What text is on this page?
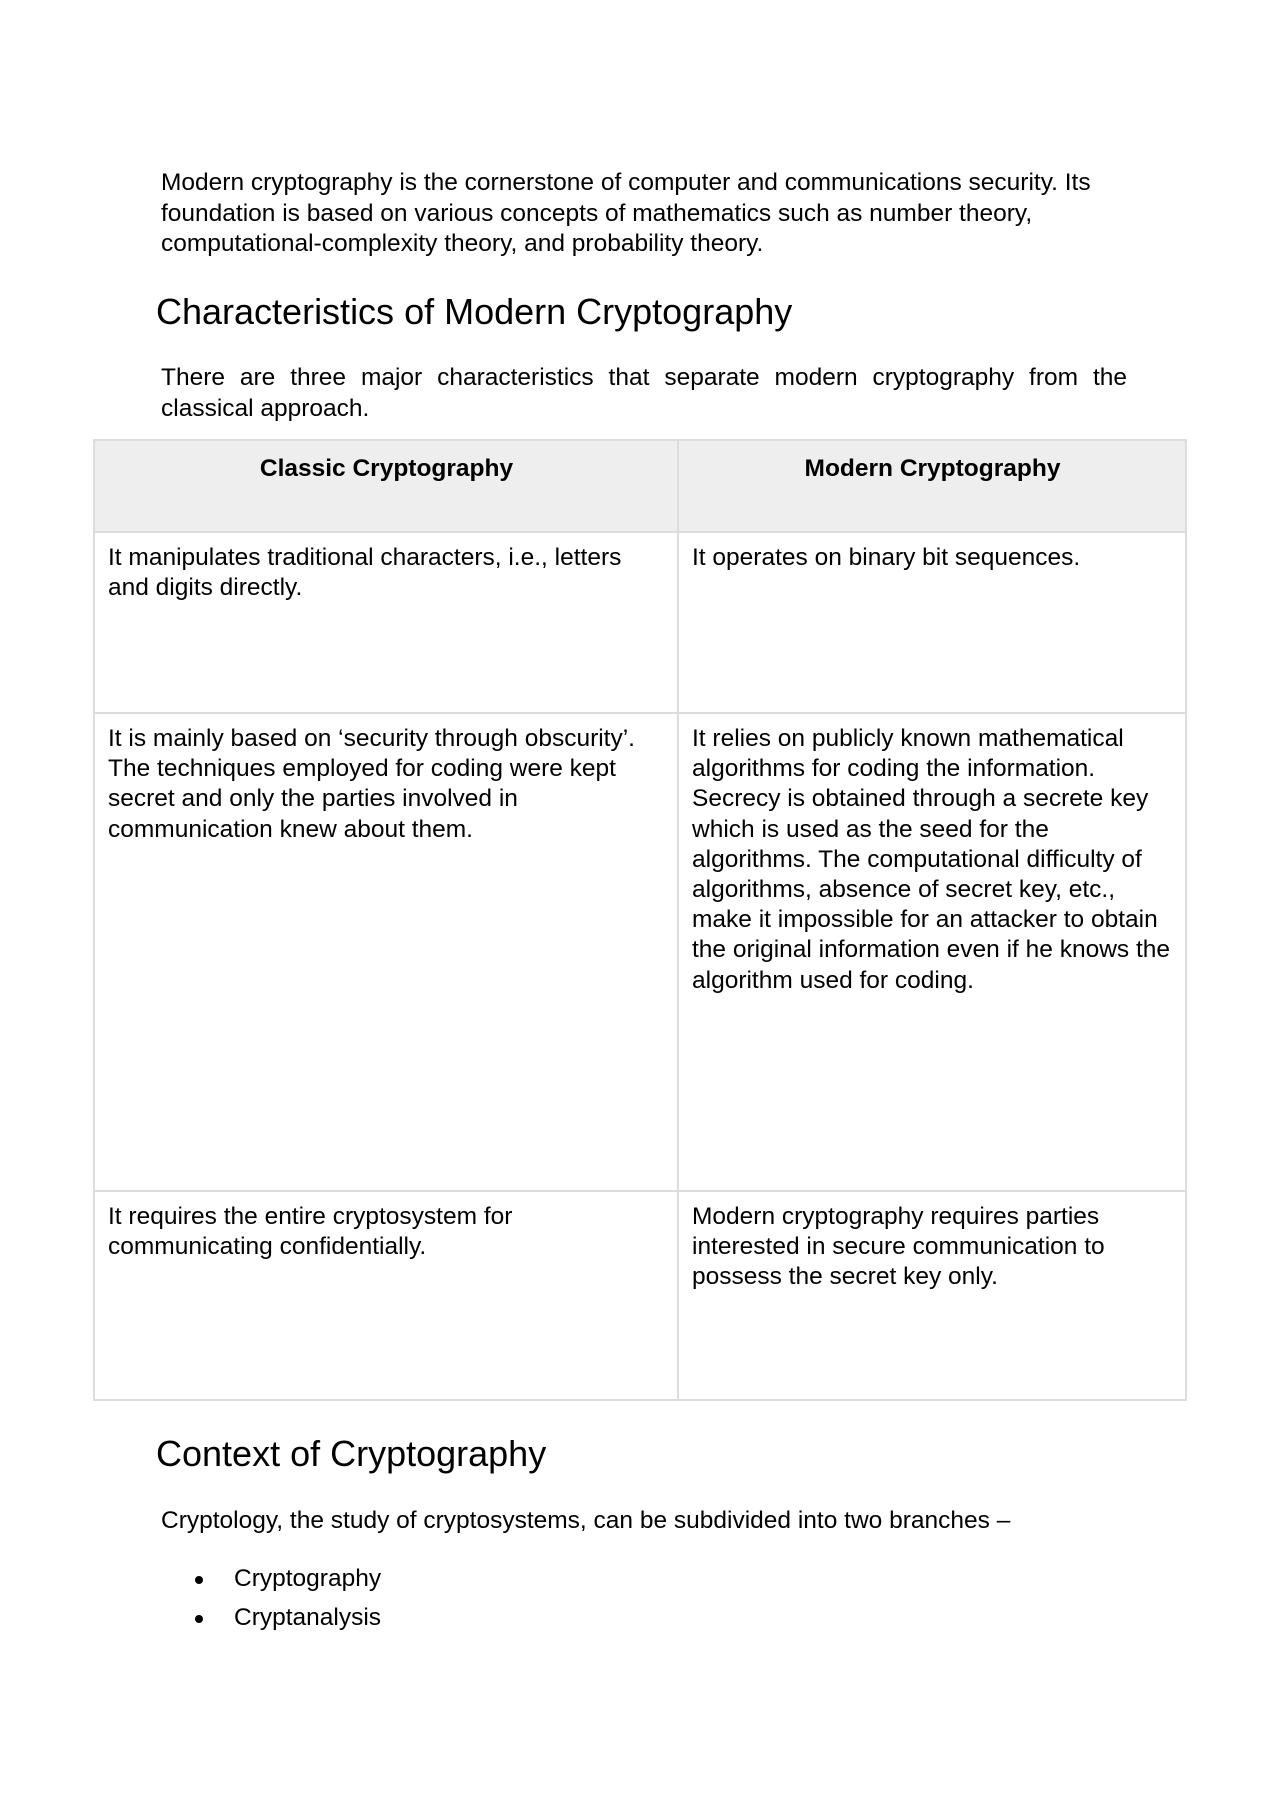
Modern cryptography is the cornerstone of computer and communications security. Its foundation is based on various concepts of mathematics such as number theory, computational-complexity theory, and probability theory.

Characteristics of Modern Cryptography

There are three major characteristics that separate modern cryptography from the classical approach.

Classic Cryptography	Modern Cryptography
It manipulates traditional characters, i.e., letters and digits directly.	It operates on binary bit sequences.
It is mainly based on ‘security through obscurity’. The techniques employed for coding were kept secret and only the parties involved in communication knew about them.	It relies on publicly known mathematical algorithms for coding the information. Secrecy is obtained through a secrete key which is used as the seed for the algorithms. The computational difficulty of algorithms, absence of secret key, etc., make it impossible for an attacker to obtain the original information even if he knows the algorithm used for coding.
It requires the entire cryptosystem for communicating confidentially.	Modern cryptography requires parties interested in secure communication to possess the secret key only.
Context of Cryptography

Cryptology, the study of cryptosystems, can be subdivided into two branches –

Cryptography
Cryptanalysis
